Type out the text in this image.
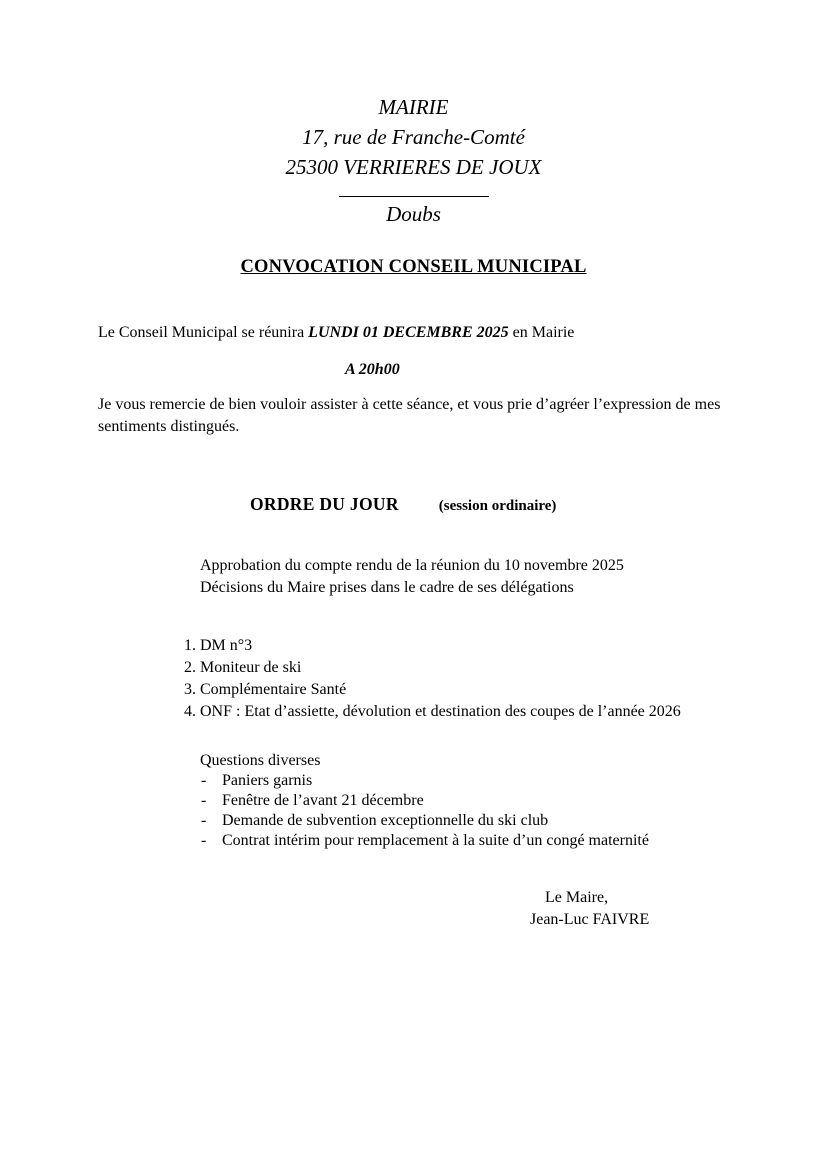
MAIRIE
17, rue de Franche-Comté
25300 VERRIERES DE JOUX
Doubs
CONVOCATION CONSEIL MUNICIPAL

Le Conseil Municipal se réunira LUNDI 01 DECEMBRE 2025 en Mairie

A 20h00

Je vous remercie de bien vouloir assister à cette séance, et vous prie d’agréer l’expression de mes sentiments distingués.

ORDRE DU JOUR	(session ordinaire)
Approbation du compte rendu de la réunion du 10 novembre 2025
Décisions du Maire prises dans le cadre de ses délégations
1. DM n°3
2. Moniteur de ski
3. Complémentaire Santé
4. ONF : Etat d’assiette, dévolution et destination des coupes de l’année 2026
Questions diverses
- Paniers garnis
- Fenêtre de l’avant 21 décembre
- Demande de subvention exceptionnelle du ski club
- Contrat intérim pour remplacement à la suite d’un congé maternité
Le Maire,
Jean-Luc FAIVRE
